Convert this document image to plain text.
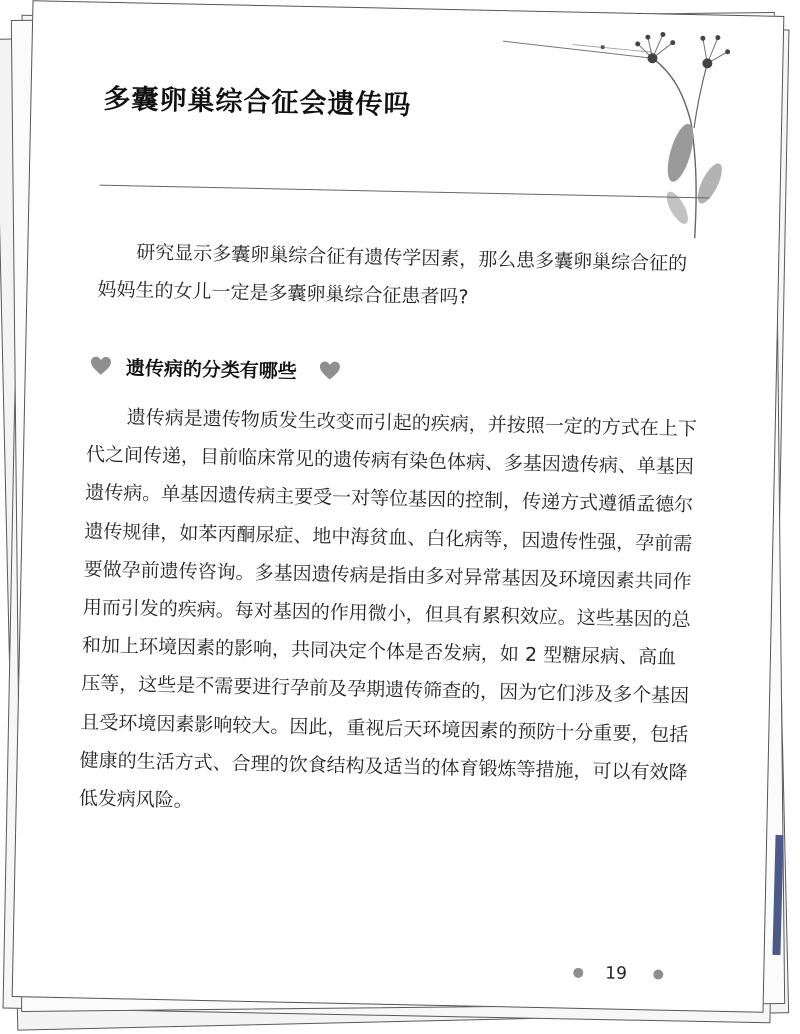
多囊卵巢综合征会遗传吗

研究显示多囊卵巢综合征有遗传学因素，那么患多囊卵巢综合征的妈妈生的女儿一定是多囊卵巢综合征患者吗?

遗传病的分类有哪些

遗传病是遗传物质发生改变而引起的疾病，并按照一定的方式在上下代之间传递，目前临床常见的遗传病有染色体病、多基因遗传病、单基因遗传病。单基因遗传病主要受一对等位基因的控制，传递方式遵循孟德尔遗传规律，如苯丙酮尿症、地中海贫血、白化病等，因遗传性强，孕前需要做孕前遗传咨询。多基因遗传病是指由多对异常基因及环境因素共同作用而引发的疾病。每对基因的作用微小，但具有累积效应。这些基因的总和加上环境因素的影响，共同决定个体是否发病，如 2 型糖尿病、高血压等，这些是不需要进行孕前及孕期遗传筛查的，因为它们涉及多个基因且受环境因素影响较大。因此，重视后天环境因素的预防十分重要，包括健康的生活方式、合理的饮食结构及适当的体育锻炼等措施，可以有效降低发病风险。

19
